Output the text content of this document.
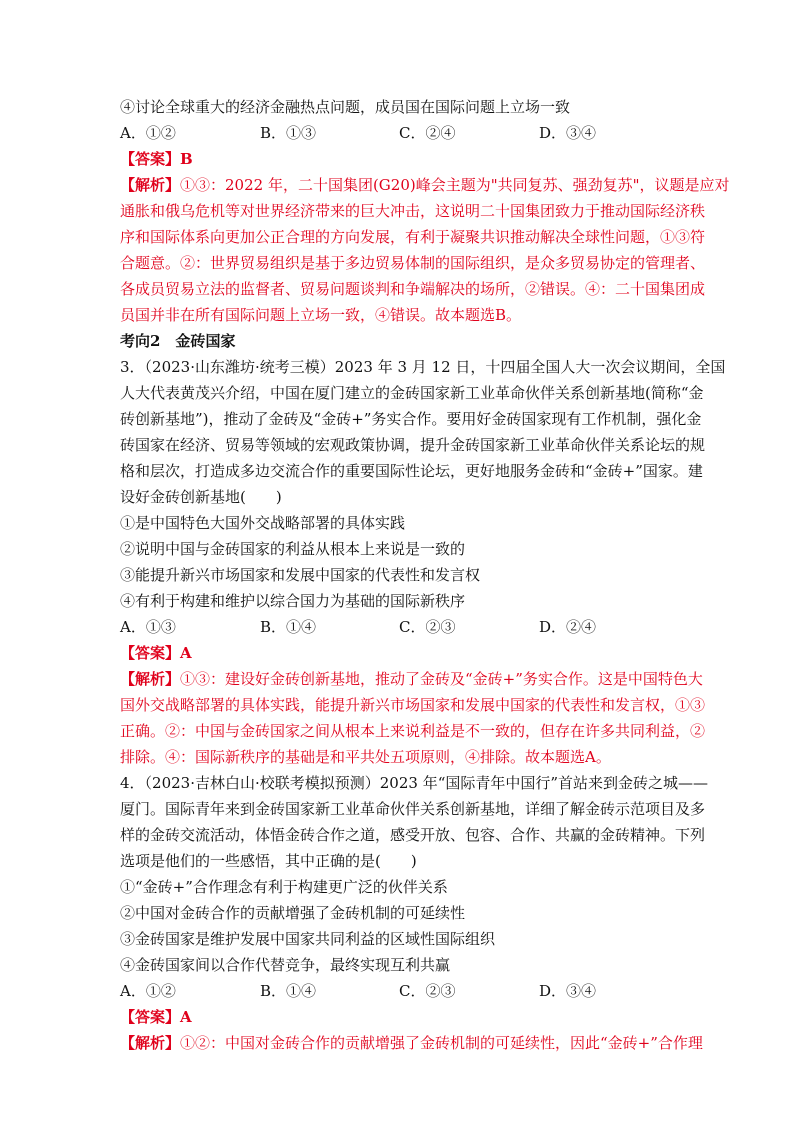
④讨论全球重大的经济金融热点问题，成员国在国际问题上立场一致
A．①②	B．①③	C．②④	D．③④
【答案】B
【解析】①③：2022 年，二十国集团(G20)峰会主题为"共同复苏、强劲复苏"，议题是应对
通胀和俄乌危机等对世界经济带来的巨大冲击，这说明二十国集团致力于推动国际经济秩
序和国际体系向更加公正合理的方向发展，有利于凝聚共识推动解决全球性问题，①③符
合题意。②：世界贸易组织是基于多边贸易体制的国际组织，是众多贸易协定的管理者、
各成员贸易立法的监督者、贸易问题谈判和争端解决的场所，②错误。④：二十国集团成
员国并非在所有国际问题上立场一致，④错误。故本题选B。
考向2　金砖国家
3．（2023·山东潍坊·统考三模）2023 年 3 月 12 日，十四届全国人大一次会议期间，全国
人大代表黄茂兴介绍，中国在厦门建立的金砖国家新工业革命伙伴关系创新基地(简称“金
砖创新基地”)，推动了金砖及“金砖+”务实合作。要用好金砖国家现有工作机制，强化金
砖国家在经济、贸易等领域的宏观政策协调，提升金砖国家新工业革命伙伴关系论坛的规
格和层次，打造成多边交流合作的重要国际性论坛，更好地服务金砖和“金砖+”国家。建
设好金砖创新基地(　　)
①是中国特色大国外交战略部署的具体实践
②说明中国与金砖国家的利益从根本上来说是一致的
③能提升新兴市场国家和发展中国家的代表性和发言权
④有利于构建和维护以综合国力为基础的国际新秩序
A．①③	B．①④	C．②③	D．②④
【答案】A
【解析】①③：建设好金砖创新基地，推动了金砖及“金砖+”务实合作。这是中国特色大
国外交战略部署的具体实践，能提升新兴市场国家和发展中国家的代表性和发言权，①③
正确。②：中国与金砖国家之间从根本上来说利益是不一致的，但存在许多共同利益，②
排除。④：国际新秩序的基础是和平共处五项原则，④排除。故本题选A。
4．（2023·吉林白山·校联考模拟预测）2023 年“国际青年中国行”首站来到金砖之城——
厦门。国际青年来到金砖国家新工业革命伙伴关系创新基地，详细了解金砖示范项目及多
样的金砖交流活动，体悟金砖合作之道，感受开放、包容、合作、共赢的金砖精神。下列
选项是他们的一些感悟，其中正确的是(　　)
①“金砖+”合作理念有利于构建更广泛的伙伴关系
②中国对金砖合作的贡献增强了金砖机制的可延续性
③金砖国家是维护发展中国家共同利益的区域性国际组织
④金砖国家间以合作代替竞争，最终实现互利共赢
A．①②	B．①④	C．②③	D．③④
【答案】A
【解析】①②：中国对金砖合作的贡献增强了金砖机制的可延续性，因此“金砖+”合作理
